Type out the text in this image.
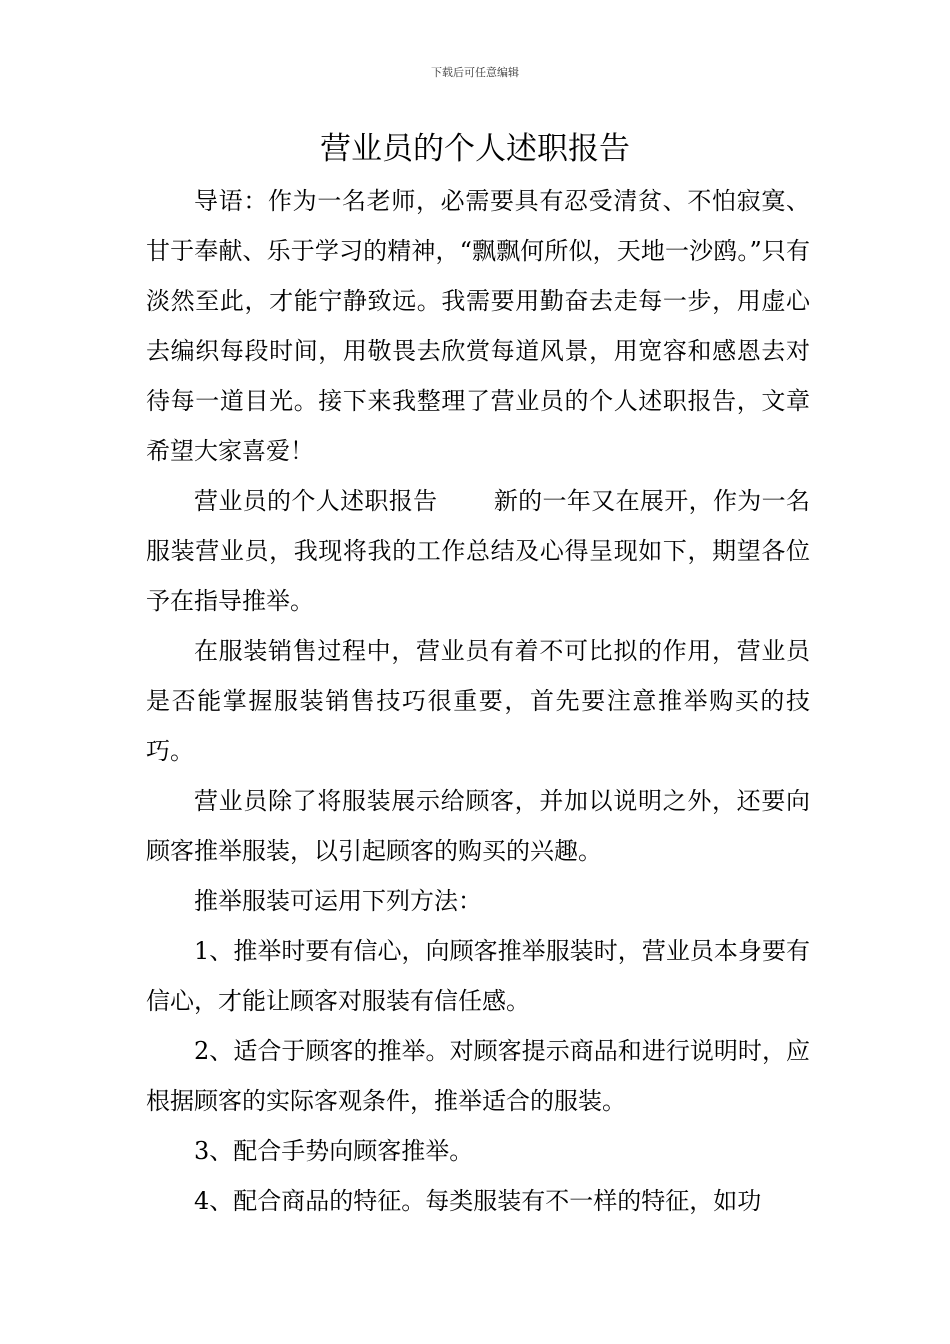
下载后可任意编辑
营业员的个人述职报告

导语：作为一名老师，必需要具有忍受清贫、不怕寂寞、甘于奉献、乐于学习的精神，“飘飘何所似，天地一沙鸥。”只有淡然至此，才能宁静致远。我需要用勤奋去走每一步，用虚心去编织每段时间，用敬畏去欣赏每道风景，用宽容和感恩去对待每一道目光。接下来我整理了营业员的个人述职报告，文章希望大家喜爱！

营业员的个人述职报告 新的一年又在展开，作为一名服装营业员，我现将我的工作总结及心得呈现如下，期望各位予在指导推举。

在服装销售过程中，营业员有着不可比拟的作用，营业员是否能掌握服装销售技巧很重要，首先要注意推举购买的技巧。

营业员除了将服装展示给顾客，并加以说明之外，还要向顾客推举服装，以引起顾客的购买的兴趣。

推举服装可运用下列方法：

1、推举时要有信心，向顾客推举服装时，营业员本身要有信心，才能让顾客对服装有信任感。

2、适合于顾客的推举。对顾客提示商品和进行说明时，应根据顾客的实际客观条件，推举适合的服装。

3、配合手势向顾客推举。

4、配合商品的特征。每类服装有不一样的特征，如功
